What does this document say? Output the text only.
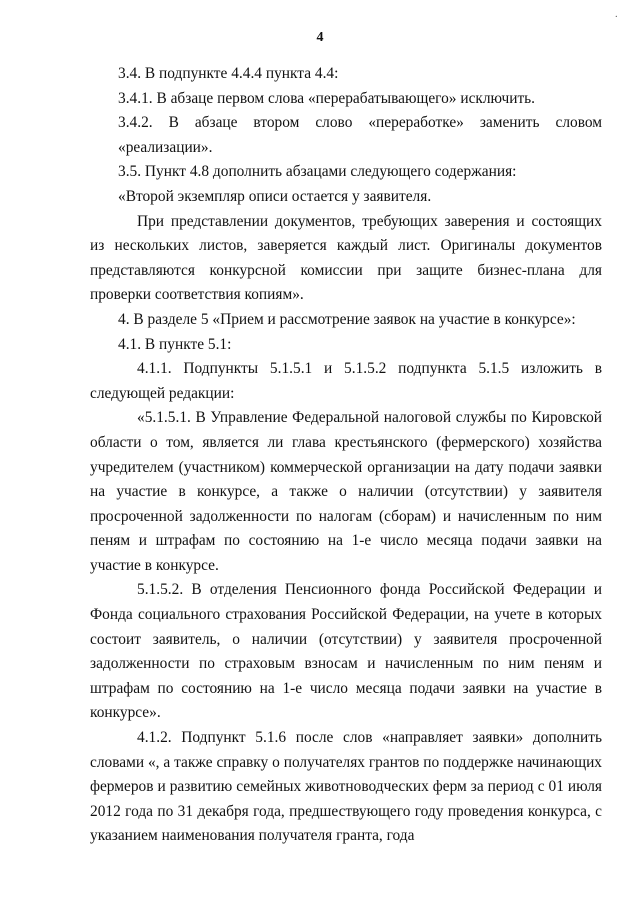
·
4

3.4. В подпункте 4.4.4 пункта 4.4:

3.4.1. В абзаце первом слова «перерабатывающего» исключить.

3.4.2. В абзаце втором слово «переработке» заменить словом «реализации».

3.5. Пункт 4.8 дополнить абзацами следующего содержания:

«Второй экземпляр описи остается у заявителя.

При представлении документов, требующих заверения и состоящих из нескольких листов, заверяется каждый лист. Оригиналы документов представляются конкурсной комиссии при защите бизнес-плана для проверки соответствия копиям».

4. В разделе 5 «Прием и рассмотрение заявок на участие в конкурсе»:

4.1. В пункте 5.1:

4.1.1. Подпункты 5.1.5.1 и 5.1.5.2 подпункта 5.1.5 изложить в следующей редакции:

«5.1.5.1. В Управление Федеральной налоговой службы по Кировской области о том, является ли глава крестьянского (фермерского) хозяйства учредителем (участником) коммерческой организации на дату подачи заявки на участие в конкурсе, а также о наличии (отсутствии) у заявителя просроченной задолженности по налогам (сборам) и начисленным по ним пеням и штрафам по состоянию на 1-е число месяца подачи заявки на участие в конкурсе.

5.1.5.2. В отделения Пенсионного фонда Российской Федерации и Фонда социального страхования Российской Федерации, на учете в которых состоит заявитель, о наличии (отсутствии) у заявителя просроченной задолженности по страховым взносам и начисленным по ним пеням и штрафам по состоянию на 1-е число месяца подачи заявки на участие в конкурсе».

4.1.2. Подпункт 5.1.6 после слов «направляет заявки» дополнить словами «, а также справку о получателях грантов по поддержке начинающих фермеров и развитию семейных животноводческих ферм за период с 01 июля 2012 года по 31 декабря года, предшествующего году проведения конкурса, с указанием наименования получателя гранта, года
